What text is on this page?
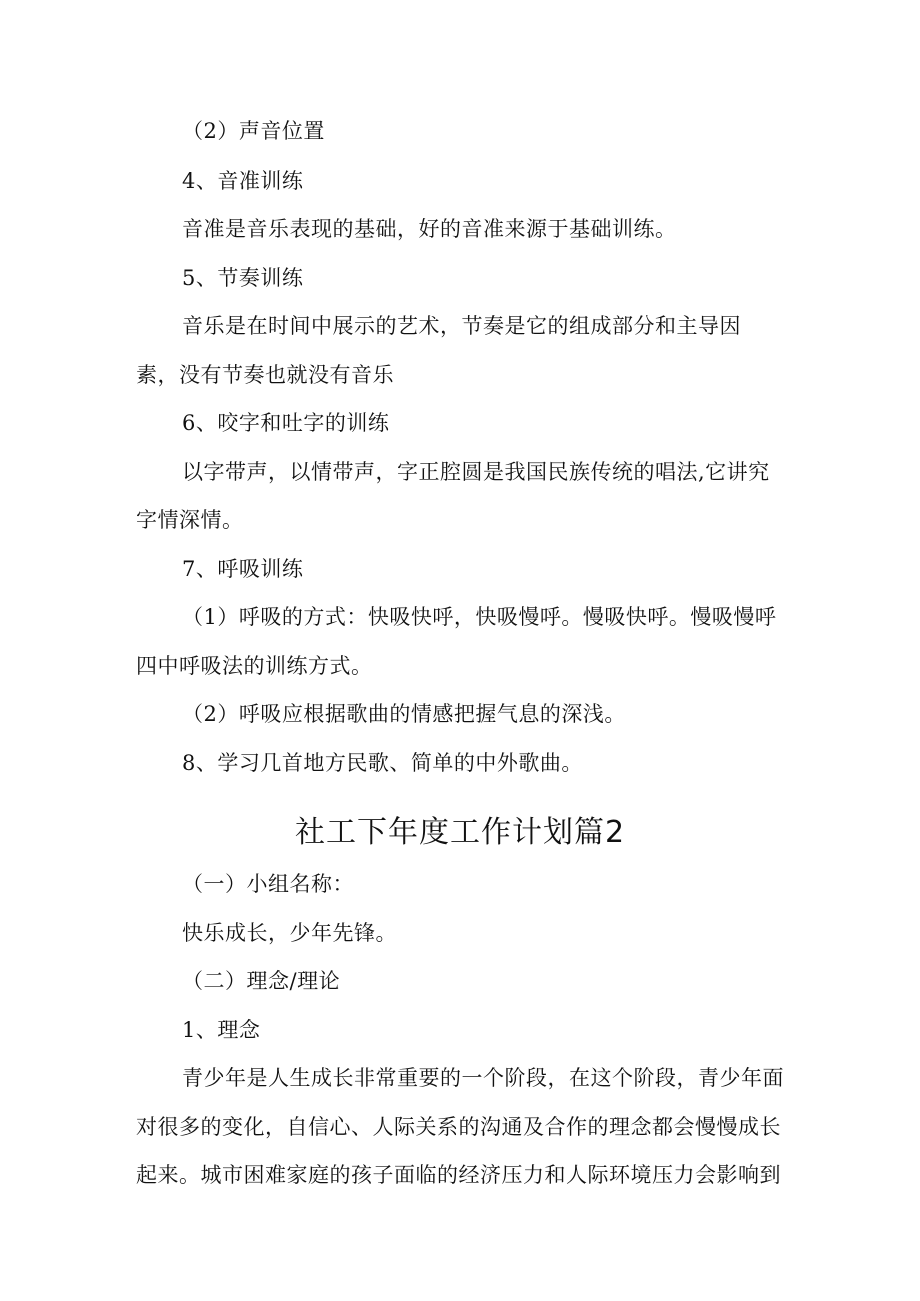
（2）声音位置
4、音准训练
音准是音乐表现的基础，好的音准来源于基础训练。
5、节奏训练
音乐是在时间中展示的艺术，节奏是它的组成部分和主导因
素，没有节奏也就没有音乐
6、咬字和吐字的训练
以字带声，以情带声，字正腔圆是我国民族传统的唱法,它讲究
字情深情。
7、呼吸训练
（1）呼吸的方式：快吸快呼，快吸慢呼。慢吸快呼。慢吸慢呼
四中呼吸法的训练方式。
（2）呼吸应根据歌曲的情感把握气息的深浅。
8、学习几首地方民歌、简单的中外歌曲。
社工下年度工作计划篇2
（一）小组名称：
快乐成长，少年先锋。
（二）理念/理论
1、理念
青少年是人生成长非常重要的一个阶段，在这个阶段，青少年面
对很多的变化，自信心、人际关系的沟通及合作的理念都会慢慢成长
起来。城市困难家庭的孩子面临的经济压力和人际环境压力会影响到
